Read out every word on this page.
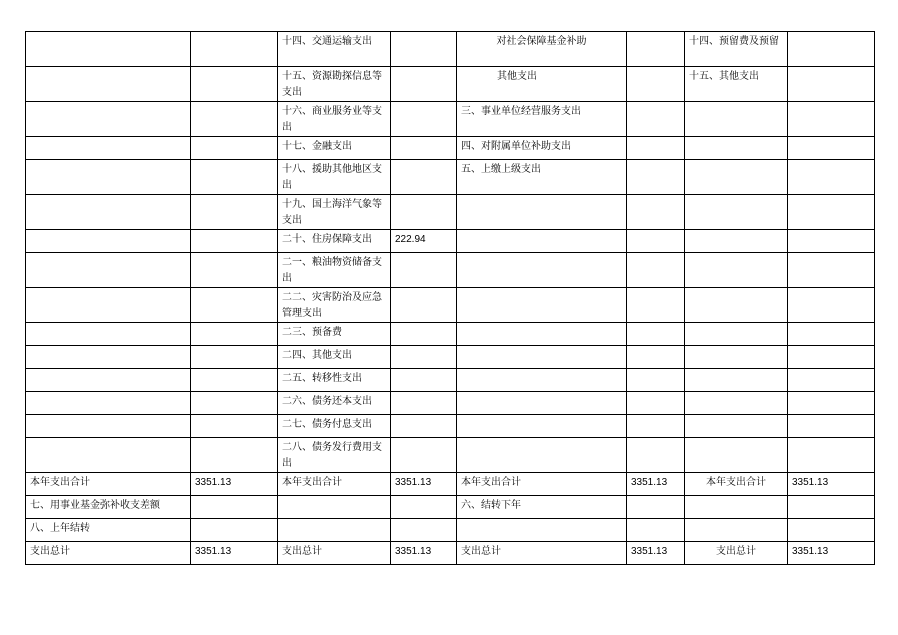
		十四、交通运输支出		对社会保障基金补助		十四、预留费及预留	
		十五、资源勘探信息等支出		其他支出		十五、其他支出	
		十六、商业服务业等支出		三、事业单位经营服务支出			
		十七、金融支出		四、对附属单位补助支出			
		十八、援助其他地区支出		五、上缴上级支出			
		十九、国土海洋气象等支出					
		二十、住房保障支出	222.94				
		二一、粮油物资储备支出					
		二二、灾害防治及应急管理支出					
		二三、预备费					
		二四、其他支出					
		二五、转移性支出					
		二六、债务还本支出					
		二七、债务付息支出					
		二八、债务发行费用支出					
本年支出合计	3351.13	本年支出合计	3351.13	本年支出合计	3351.13	本年支出合计	3351.13
七、用事业基金弥补收支差额				六、结转下年			
八、上年结转							
支出总计	3351.13	支出总计	3351.13	支出总计	3351.13	支出总计	3351.13
